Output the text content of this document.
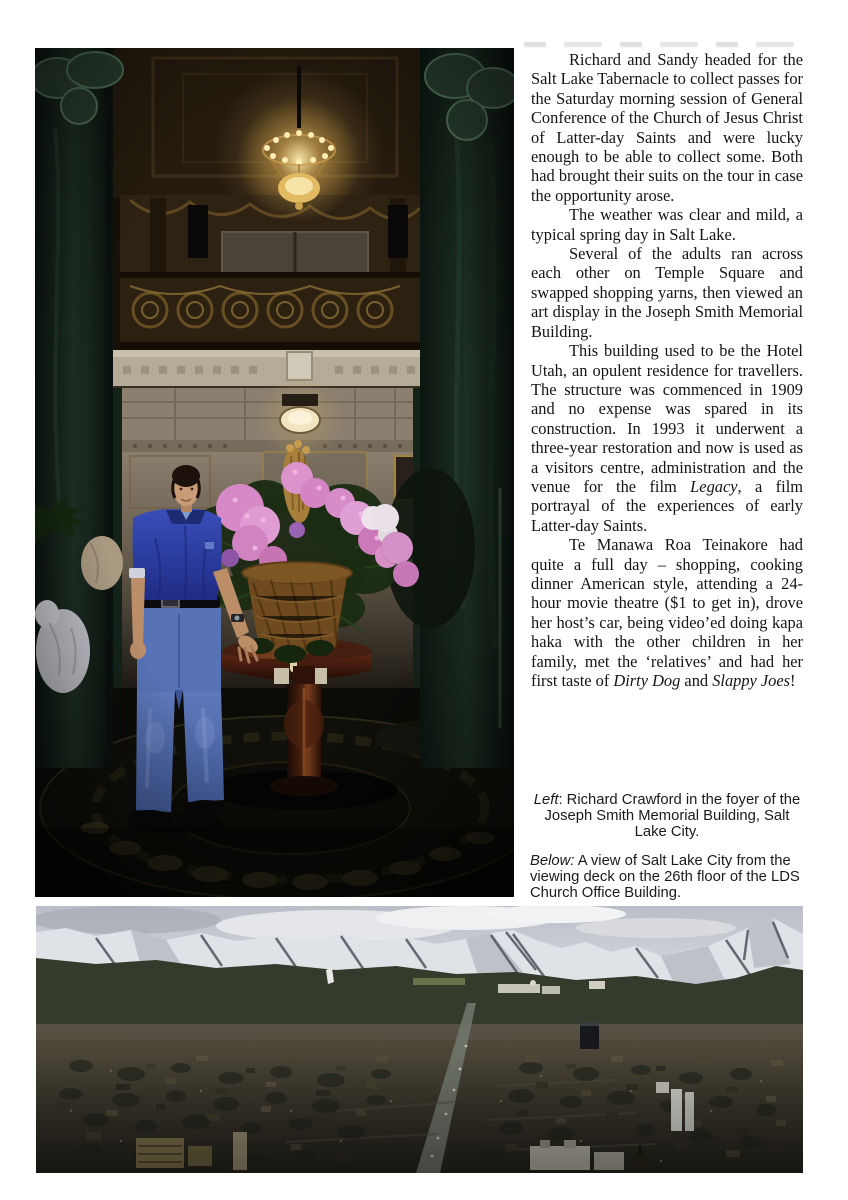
Richard and Sandy headed for the Salt Lake Tabernacle to collect passes for the Saturday morning session of General Conference of the Church of Jesus Christ of Latter-day Saints and were lucky enough to be able to collect some. Both had brought their suits on the tour in case the opportunity arose.

The weather was clear and mild, a typical spring day in Salt Lake.

Several of the adults ran across each other on Temple Square and swapped shopping yarns, then viewed an art display in the Joseph Smith Memorial Building.

This building used to be the Hotel Utah, an opulent residence for travellers. The structure was commenced in 1909 and no expense was spared in its construction. In 1993 it underwent a three-year restoration and now is used as a visitors centre, administration and the venue for the film Legacy, a film portrayal of the experiences of early Latter-day Saints.

Te Manawa Roa Teinakore had quite a full day – shopping, cooking dinner American style, attending a 24-hour movie theatre ($1 to get in), drove her host’s car, being video’ed doing kapa haka with the other children in her family, met the ‘relatives’ and had her first taste of Dirty Dog and Slappy Joes!

Left: Richard Crawford in the foyer of the Joseph Smith Memorial Building, Salt Lake City.

Below: A view of Salt Lake City from the viewing deck on the 26th floor of the LDS Church Office Building.
